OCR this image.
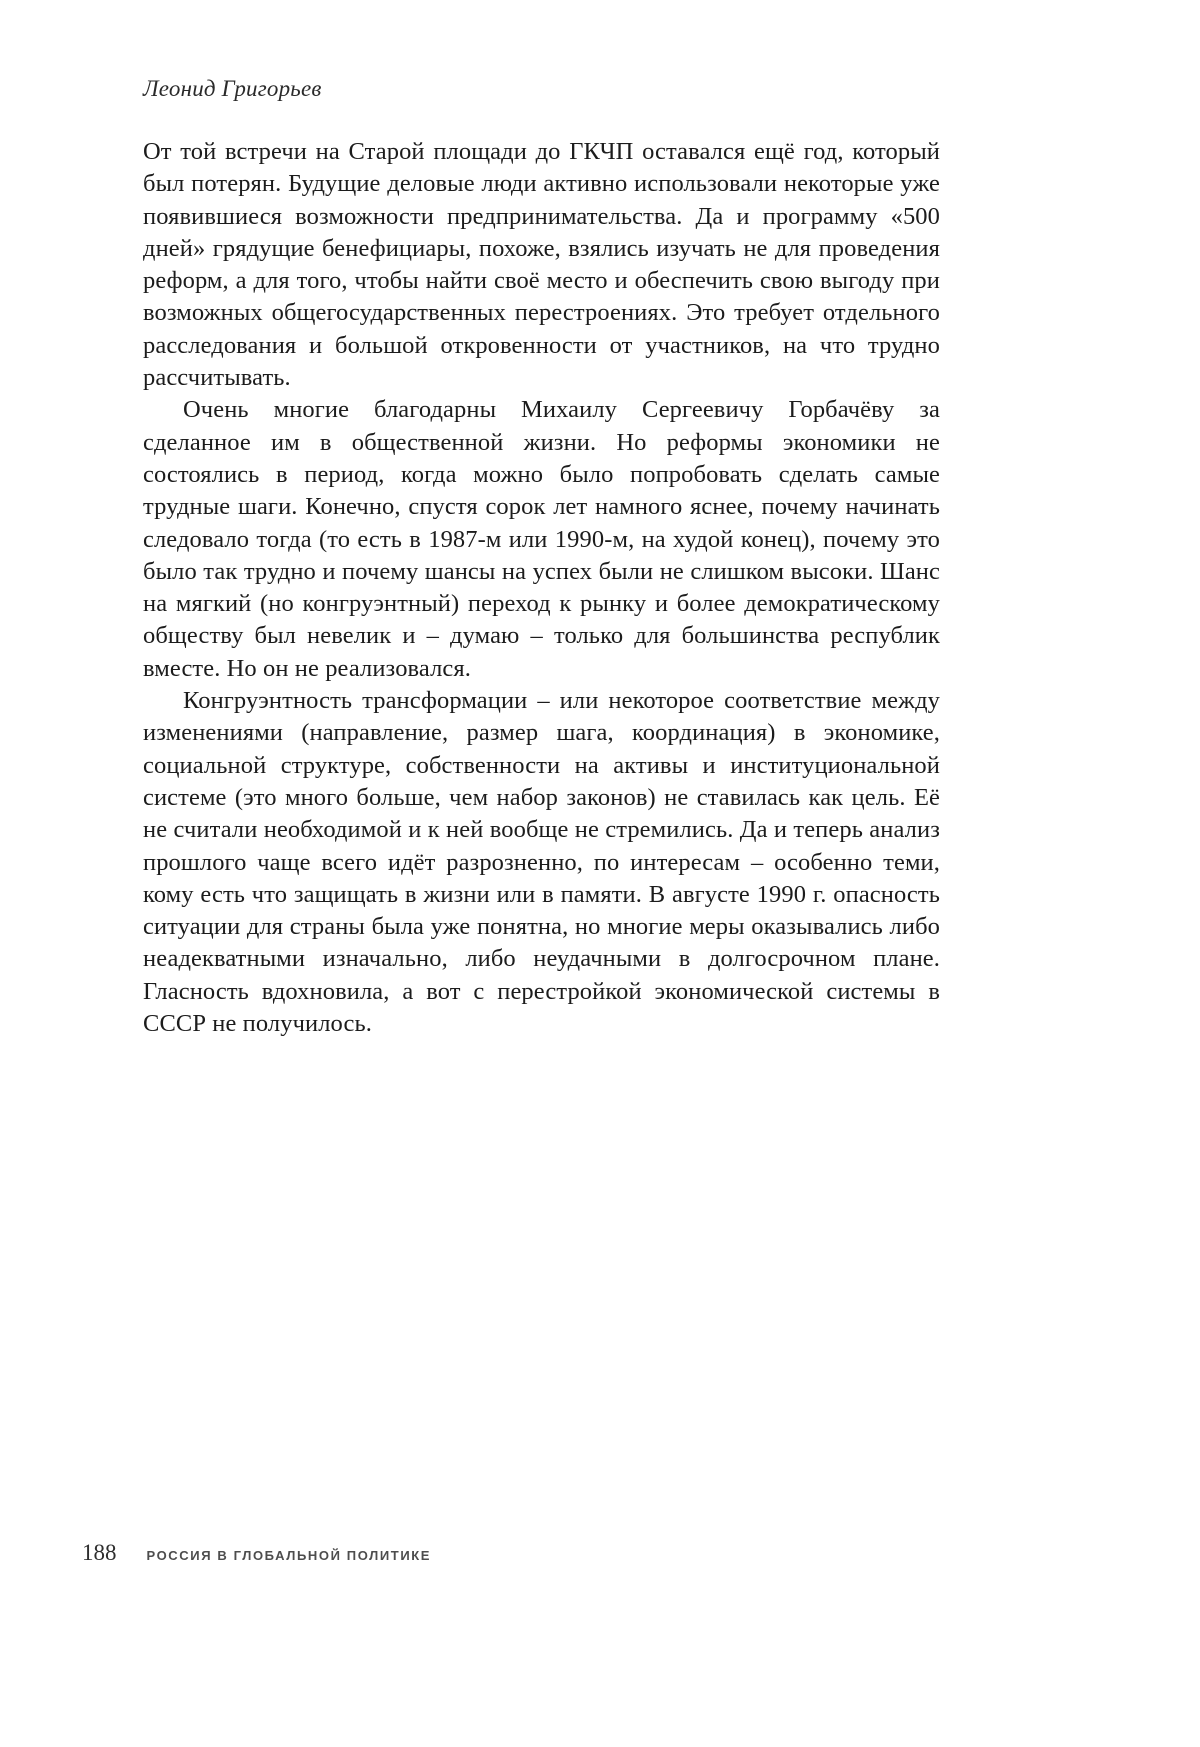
Леонид Григорьев

От той встречи на Старой площади до ГКЧП оставался ещё год, который был потерян. Будущие деловые люди активно использовали некоторые уже появившиеся возможности предпринимательства. Да и программу «500 дней» грядущие бенефициары, похоже, взялись изучать не для проведения реформ, а для того, чтобы найти своё место и обеспечить свою выгоду при возможных общегосударственных перестроениях. Это требует отдельного расследования и большой откровенности от участников, на что трудно рассчитывать.

Очень многие благодарны Михаилу Сергеевичу Горбачёву за сделанное им в общественной жизни. Но реформы экономики не состоялись в период, когда можно было попробовать сделать самые трудные шаги. Конечно, спустя сорок лет намного яснее, почему начинать следовало тогда (то есть в 1987-м или 1990-м, на худой конец), почему это было так трудно и почему шансы на успех были не слишком высоки. Шанс на мягкий (но конгруэнтный) переход к рынку и более демократическому обществу был невелик и – думаю – только для большинства республик вместе. Но он не реализовался.

Конгруэнтность трансформации – или некоторое соответствие между изменениями (направление, размер шага, координация) в экономике, социальной структуре, собственности на активы и институциональной системе (это много больше, чем набор законов) не ставилась как цель. Её не считали необходимой и к ней вообще не стремились. Да и теперь анализ прошлого чаще всего идёт разрозненно, по интересам – особенно теми, кому есть что защищать в жизни или в памяти. В августе 1990 г. опасность ситуации для страны была уже понятна, но многие меры оказывались либо неадекватными изначально, либо неудачными в долгосрочном плане. Гласность вдохновила, а вот с перестройкой экономической системы в СССР не получилось.

188 РОССИЯ В ГЛОБАЛЬНОЙ ПОЛИТИКЕ
